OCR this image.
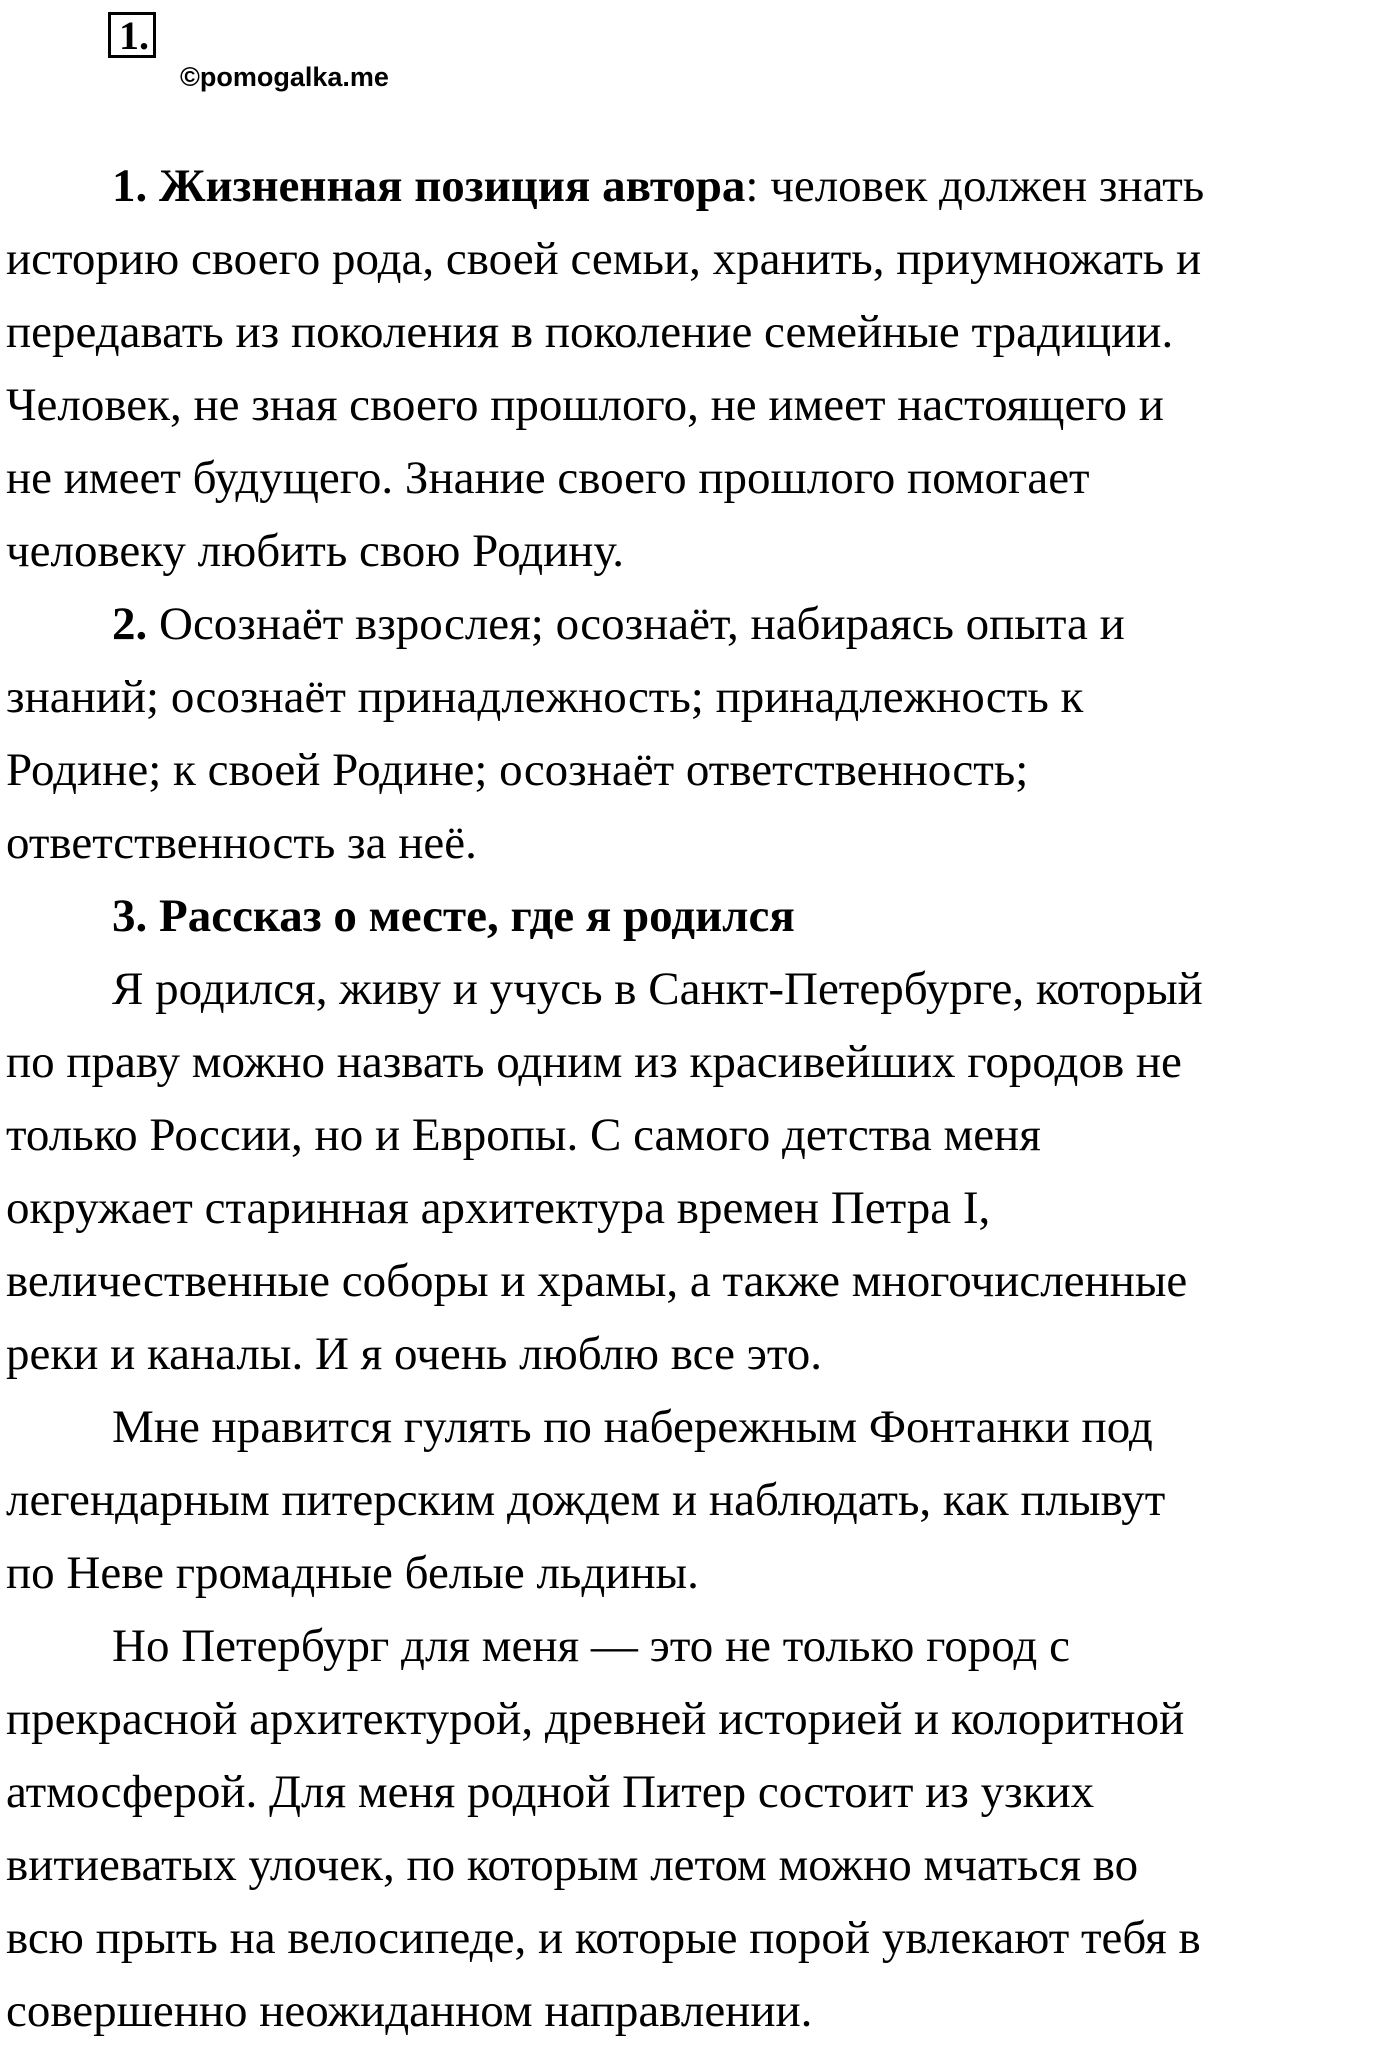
1.
©pomogalka.me
1. Жизненная позиция автора: человек должен знать
историю своего рода, своей семьи, хранить, приумножать и
передавать из поколения в поколение семейные традиции.
Человек, не зная своего прошлого, не имеет настоящего и
не имеет будущего. Знание своего прошлого помогает
человеку любить свою Родину.
2. Осознаёт взрослея; осознаёт, набираясь опыта и
знаний; осознаёт принадлежность; принадлежность к
Родине; к своей Родине; осознаёт ответственность;
ответственность за неё.
3. Рассказ о месте, где я родился
Я родился, живу и учусь в Санкт-Петербурге, который
по праву можно назвать одним из красивейших городов не
только России, но и Европы. С самого детства меня
окружает старинная архитектура времен Петра I,
величественные соборы и храмы, а также многочисленные
реки и каналы. И я очень люблю все это.
Мне нравится гулять по набережным Фонтанки под
легендарным питерским дождем и наблюдать, как плывут
по Неве громадные белые льдины.
Но Петербург для меня — это не только город с
прекрасной архитектурой, древней историей и колоритной
атмосферой. Для меня родной Питер состоит из узких
витиеватых улочек, по которым летом можно мчаться во
всю прыть на велосипеде, и которые порой увлекают тебя в
совершенно неожиданном направлении.
